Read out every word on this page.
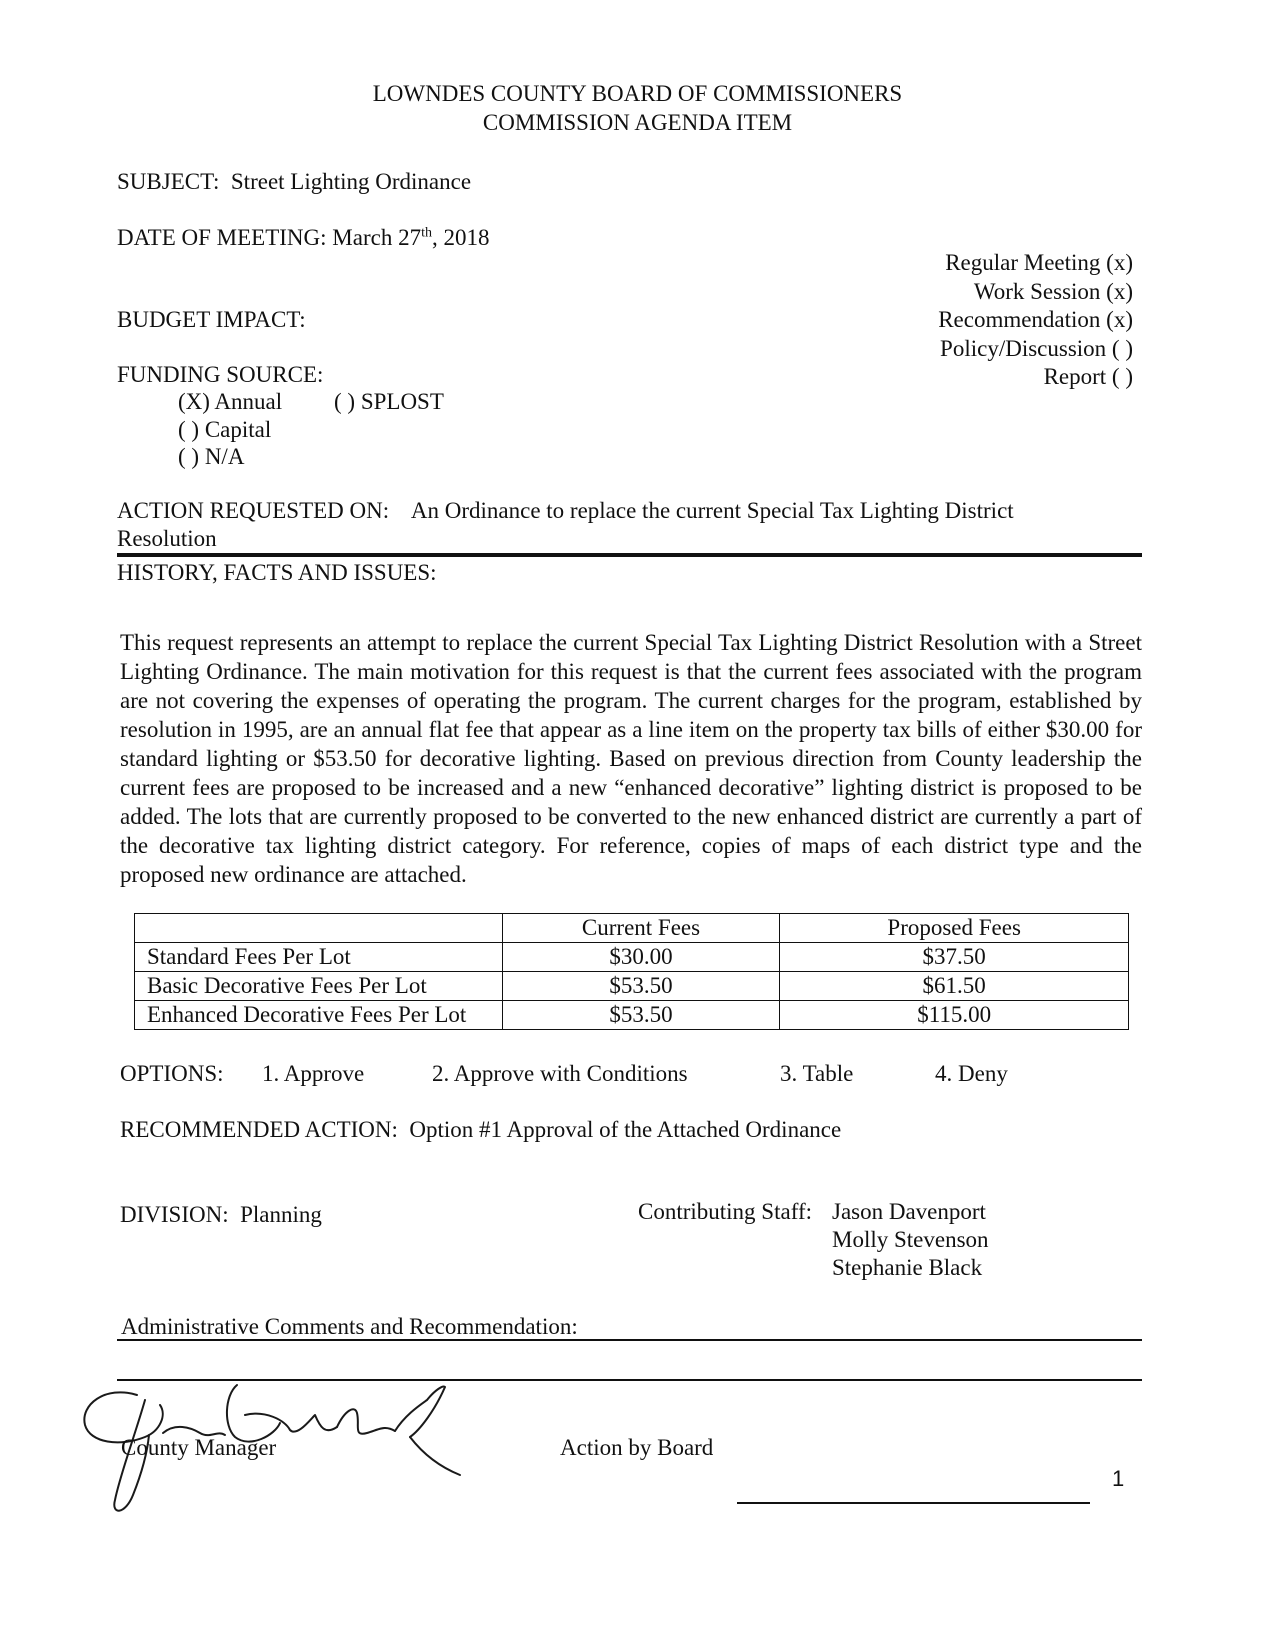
LOWNDES COUNTY BOARD OF COMMISSIONERS
COMMISSION AGENDA ITEM
SUBJECT: Street Lighting Ordinance
DATE OF MEETING: March 27th, 2018
Regular Meeting (x)
Work Session (x)
Recommendation (x)
Policy/Discussion ( )
Report ( )
BUDGET IMPACT:
FUNDING SOURCE:
(X) Annual ( ) SPLOST
( ) Capital
( ) N/A
ACTION REQUESTED ON: An Ordinance to replace the current Special Tax Lighting District
Resolution
HISTORY, FACTS AND ISSUES:
This request represents an attempt to replace the current Special Tax Lighting District Resolution with a Street Lighting Ordinance. The main motivation for this request is that the current fees associated with the program are not covering the expenses of operating the program. The current charges for the program, established by resolution in 1995, are an annual flat fee that appear as a line item on the property tax bills of either $30.00 for standard lighting or $53.50 for decorative lighting. Based on previous direction from County leadership the current fees are proposed to be increased and a new “enhanced decorative” lighting district is proposed to be added. The lots that are currently proposed to be converted to the new enhanced district are currently a part of the decorative tax lighting district category. For reference, copies of maps of each district type and the proposed new ordinance are attached.
	Current Fees	Proposed Fees
Standard Fees Per Lot	$30.00	$37.50
Basic Decorative Fees Per Lot	$53.50	$61.50
Enhanced Decorative Fees Per Lot	$53.50	$115.00
OPTIONS: 1. Approve	2. Approve with Conditions	3. Table	4. Deny
RECOMMENDED ACTION: Option #1 Approval of the Attached Ordinance
DIVISION: Planning	Contributing Staff: Jason Davenport
Molly Stevenson
Stephanie Black
Administrative Comments and Recommendation:
County Manager	Action by Board
1
